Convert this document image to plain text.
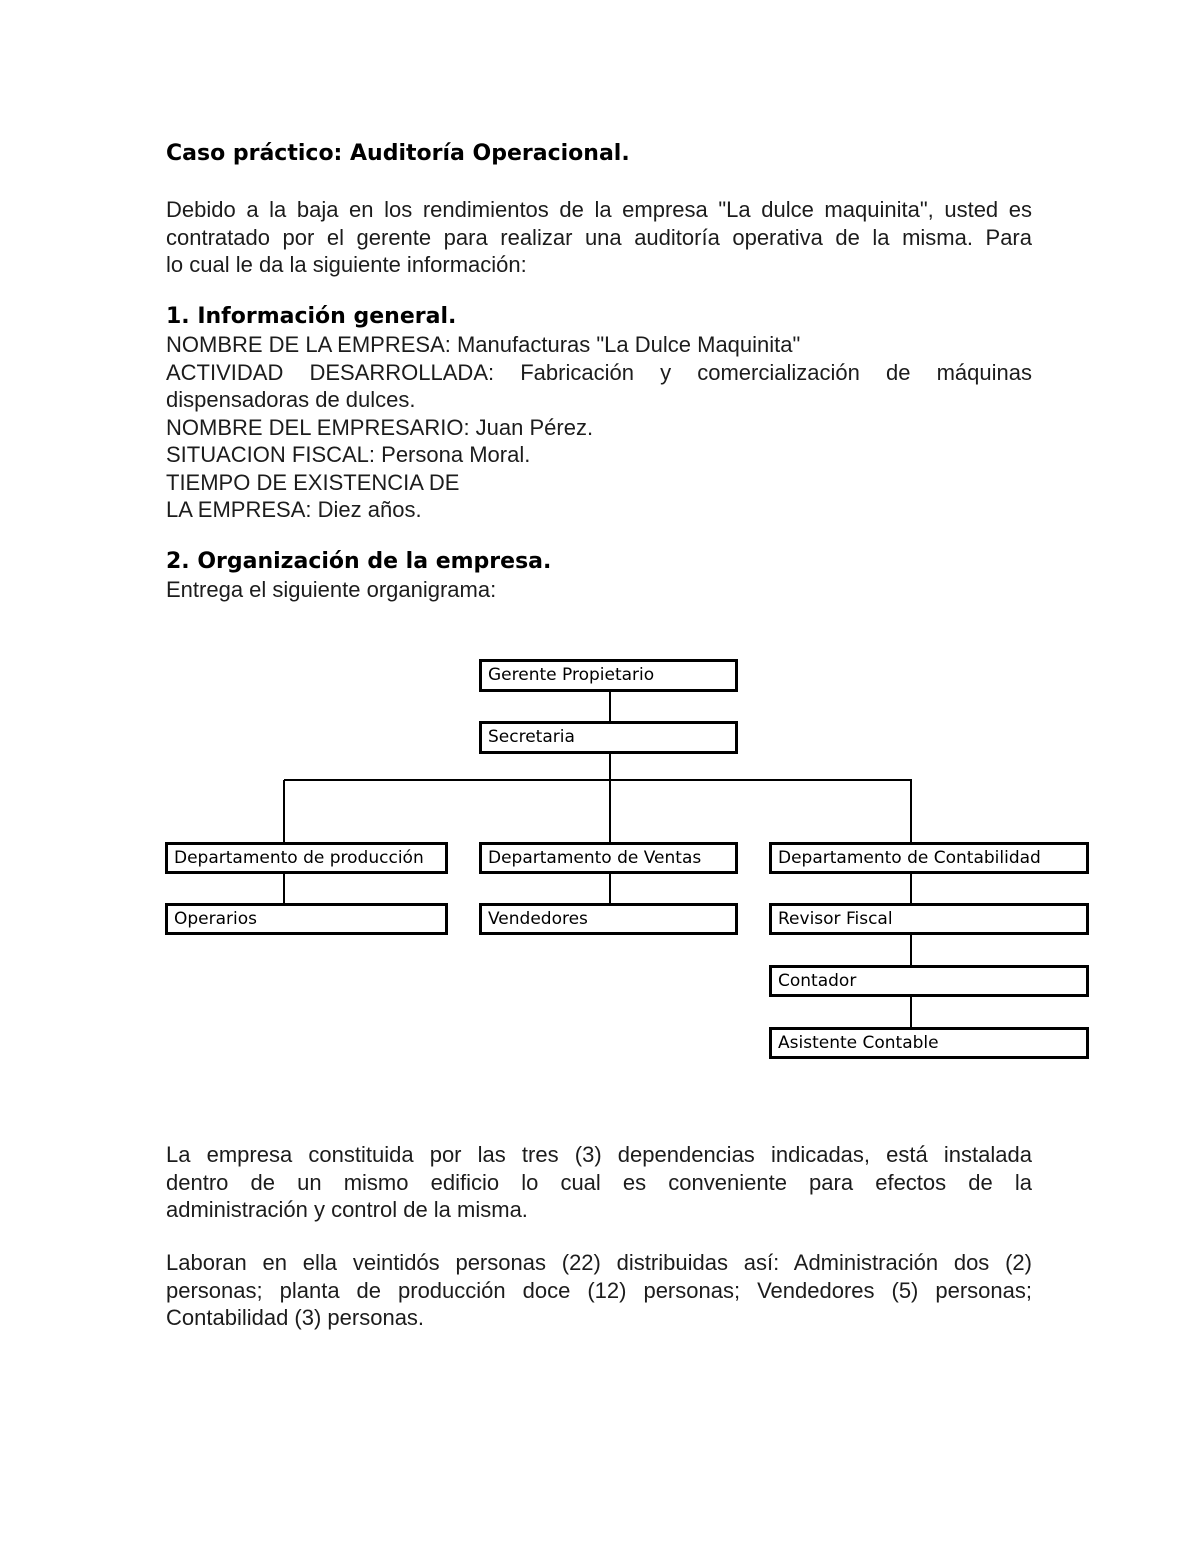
Caso práctico: Auditoría Operacional.
Debido a la baja en los rendimientos de la empresa "La dulce maquinita", usted es
contratado por el gerente para realizar una auditoría operativa de la misma. Para
lo cual le da la siguiente información:
1. Información general.
NOMBRE DE LA EMPRESA: Manufacturas "La Dulce Maquinita"
ACTIVIDAD DESARROLLADA: Fabricación y comercialización de máquinas
dispensadoras de dulces.
NOMBRE DEL EMPRESARIO: Juan Pérez.
SITUACION FISCAL: Persona Moral.
TIEMPO DE EXISTENCIA DE
LA EMPRESA: Diez años.
2. Organización de la empresa.
Entrega el siguiente organigrama:
Gerente Propietario
Secretaria
Departamento de producción	Departamento de Ventas	Departamento de Contabilidad
Operarios	Vendedores	Revisor Fiscal
Contador
Asistente Contable
La empresa constituida por las tres (3) dependencias indicadas, está instalada
dentro de un mismo edificio lo cual es conveniente para efectos de la
administración y control de la misma.
Laboran en ella veintidós personas (22) distribuidas así: Administración dos (2)
personas; planta de producción doce (12) personas; Vendedores (5) personas;
Contabilidad (3) personas.
